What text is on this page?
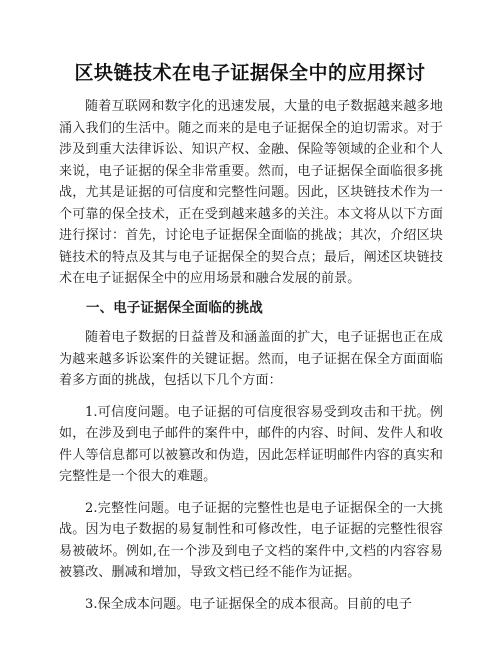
区块链技术在电子证据保全中的应用探讨

随着互联网和数字化的迅速发展，大量的电子数据越来越多地涌入我们的生活中。随之而来的是电子证据保全的迫切需求。对于涉及到重大法律诉讼、知识产权、金融、保险等领域的企业和个人来说，电子证据的保全非常重要。然而，电子证据保全面临很多挑战，尤其是证据的可信度和完整性问题。因此，区块链技术作为一个可靠的保全技术，正在受到越来越多的关注。本文将从以下方面进行探讨：首先，讨论电子证据保全面临的挑战；其次，介绍区块链技术的特点及其与电子证据保全的契合点；最后，阐述区块链技术在电子证据保全中的应用场景和融合发展的前景。

一、电子证据保全面临的挑战

随着电子数据的日益普及和涵盖面的扩大，电子证据也正在成为越来越多诉讼案件的关键证据。然而，电子证据在保全方面面临着多方面的挑战，包括以下几个方面：

1.可信度问题。电子证据的可信度很容易受到攻击和干扰。例如，在涉及到电子邮件的案件中，邮件的内容、时间、发件人和收件人等信息都可以被篡改和伪造，因此怎样证明邮件内容的真实和完整性是一个很大的难题。

2.完整性问题。电子证据的完整性也是电子证据保全的一大挑战。因为电子数据的易复制性和可修改性，电子证据的完整性很容易被破坏。例如,在一个涉及到电子文档的案件中,文档的内容容易被篡改、删减和增加，导致文档已经不能作为证据。

3.保全成本问题。电子证据保全的成本很高。目前的电子
